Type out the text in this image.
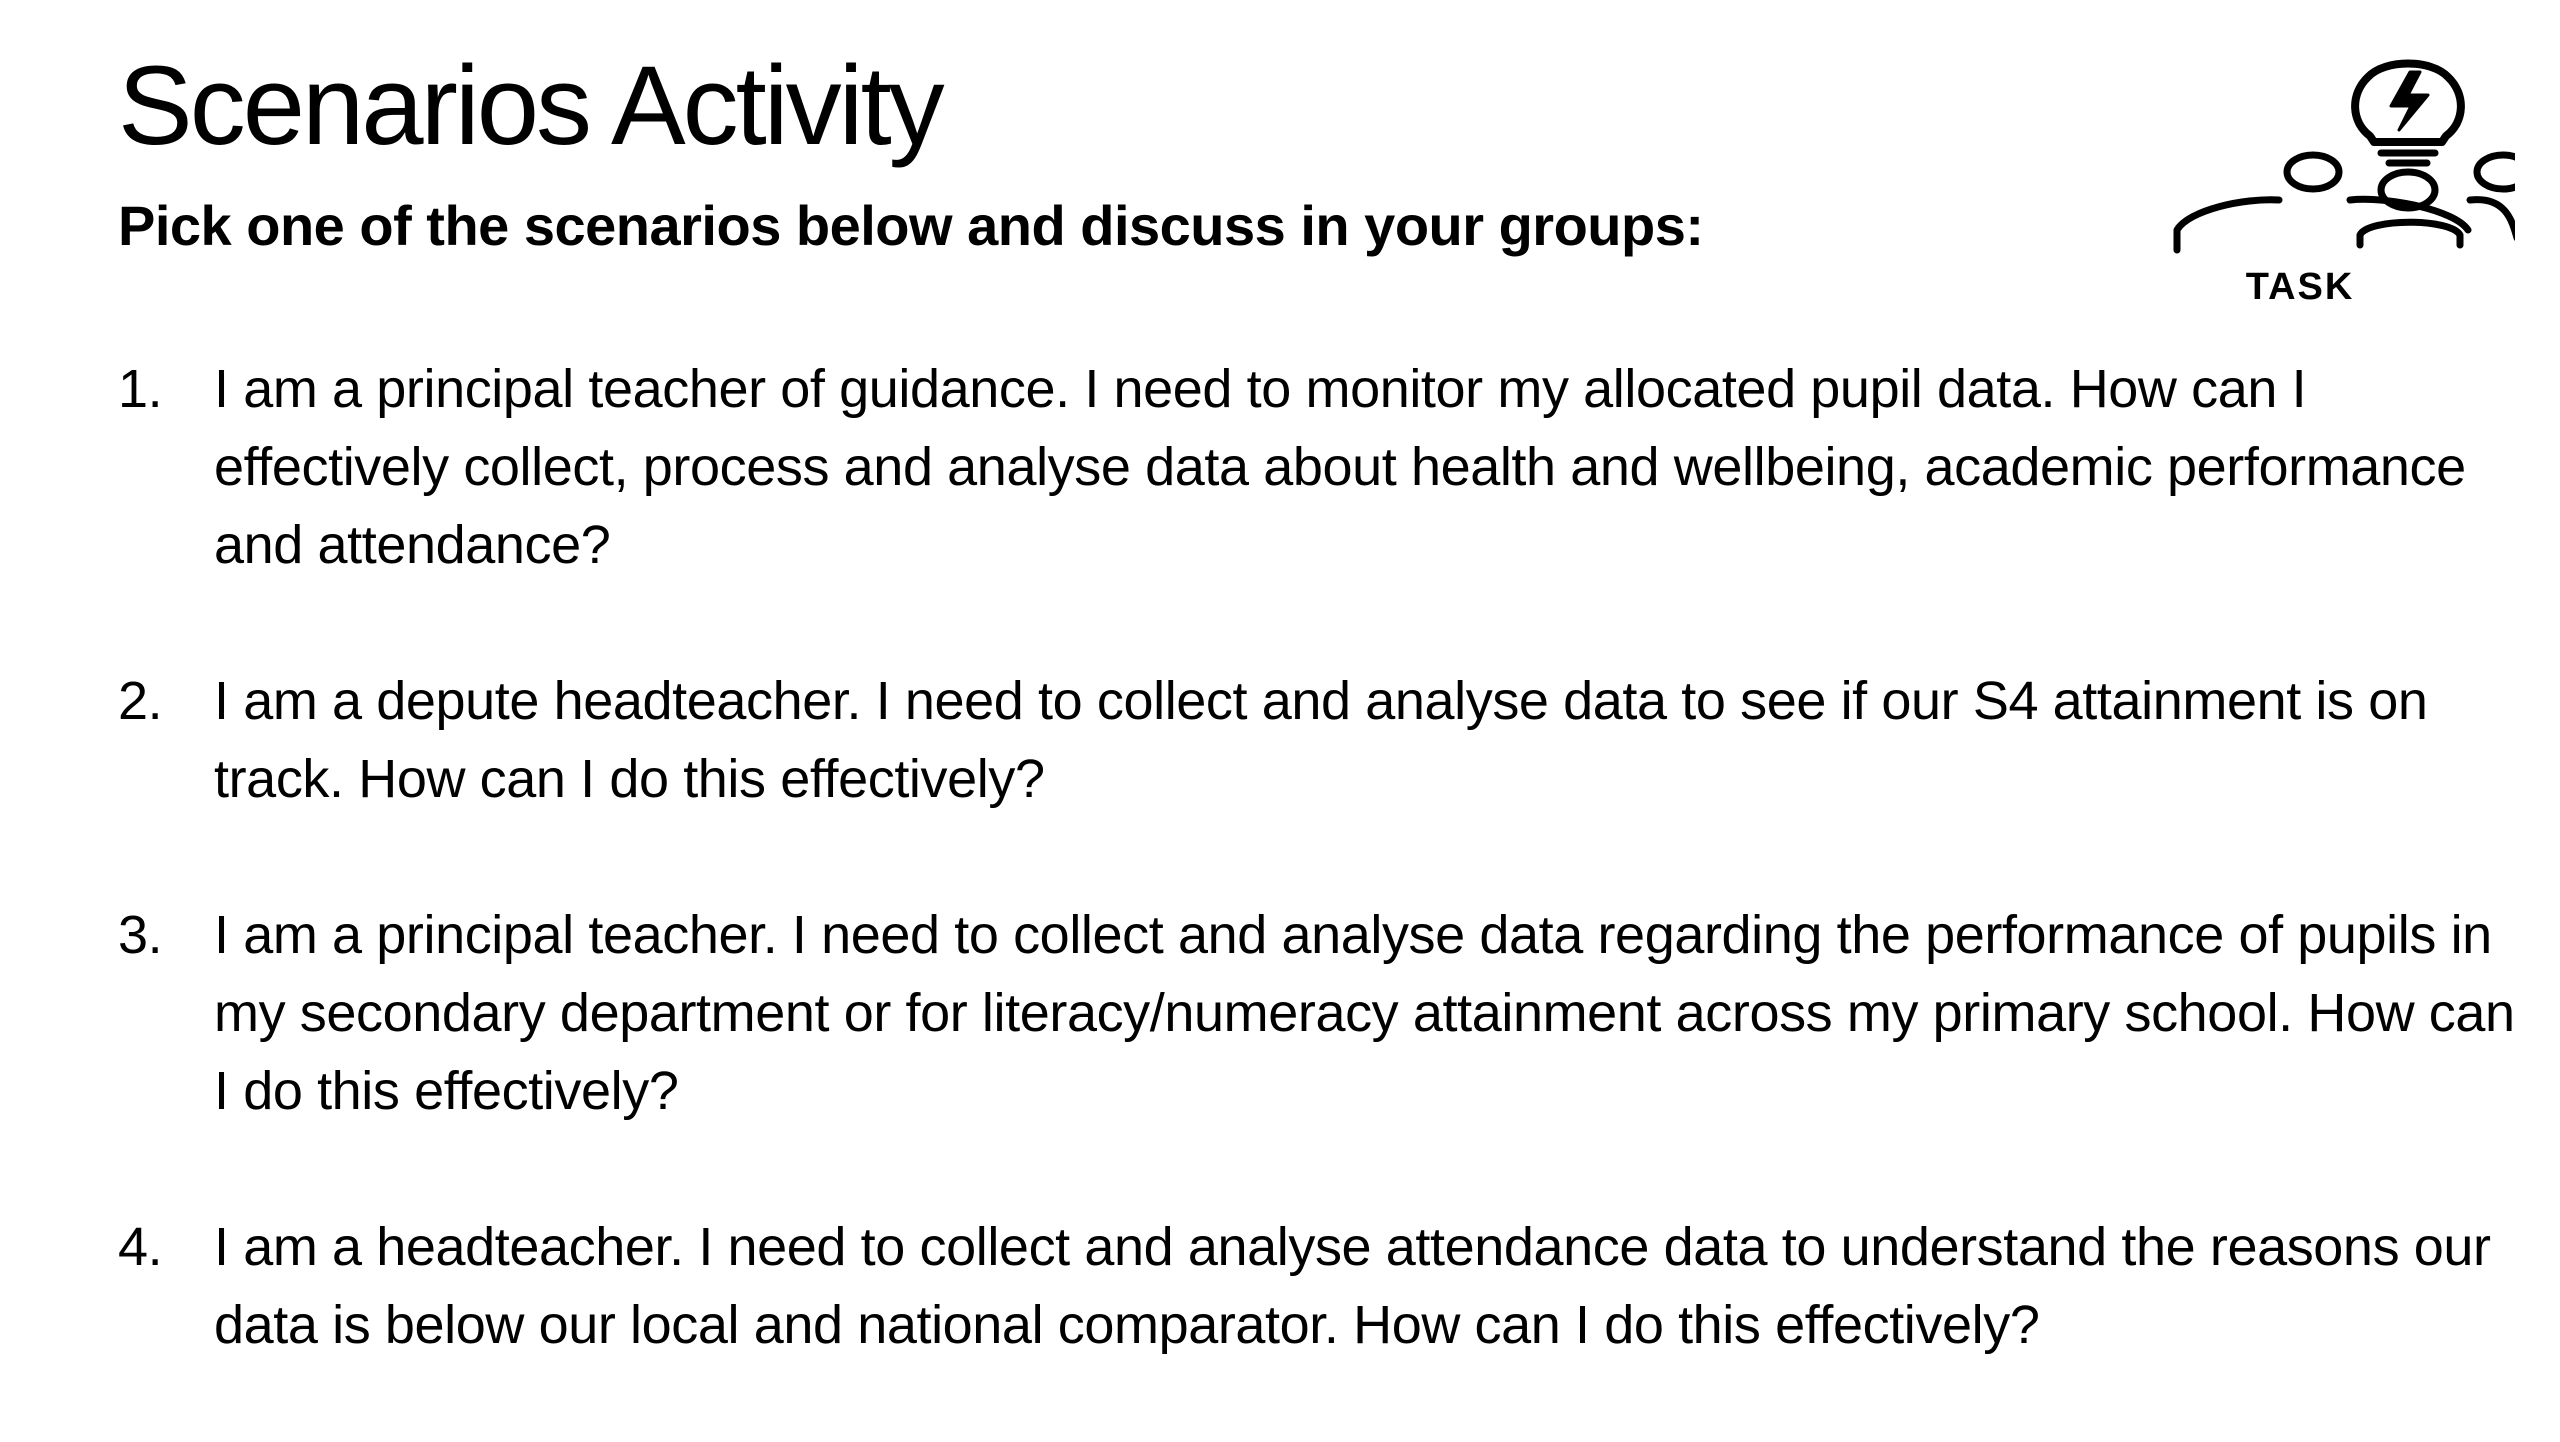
Scenarios Activity

Pick one of the scenarios below and discuss in your groups:

TASK
1. I am a principal teacher of guidance. I need to monitor my allocated pupil data. How can I effectively collect, process and analyse data about health and wellbeing, academic performance and attendance?
2. I am a depute headteacher. I need to collect and analyse data to see if our S4 attainment is on track. How can I do this effectively?
3. I am a principal teacher. I need to collect and analyse data regarding the performance of pupils in my secondary department or for literacy/numeracy attainment across my primary school. How can I do this effectively?
4. I am a headteacher. I need to collect and analyse attendance data to understand the reasons our data is below our local and national comparator. How can I do this effectively?
